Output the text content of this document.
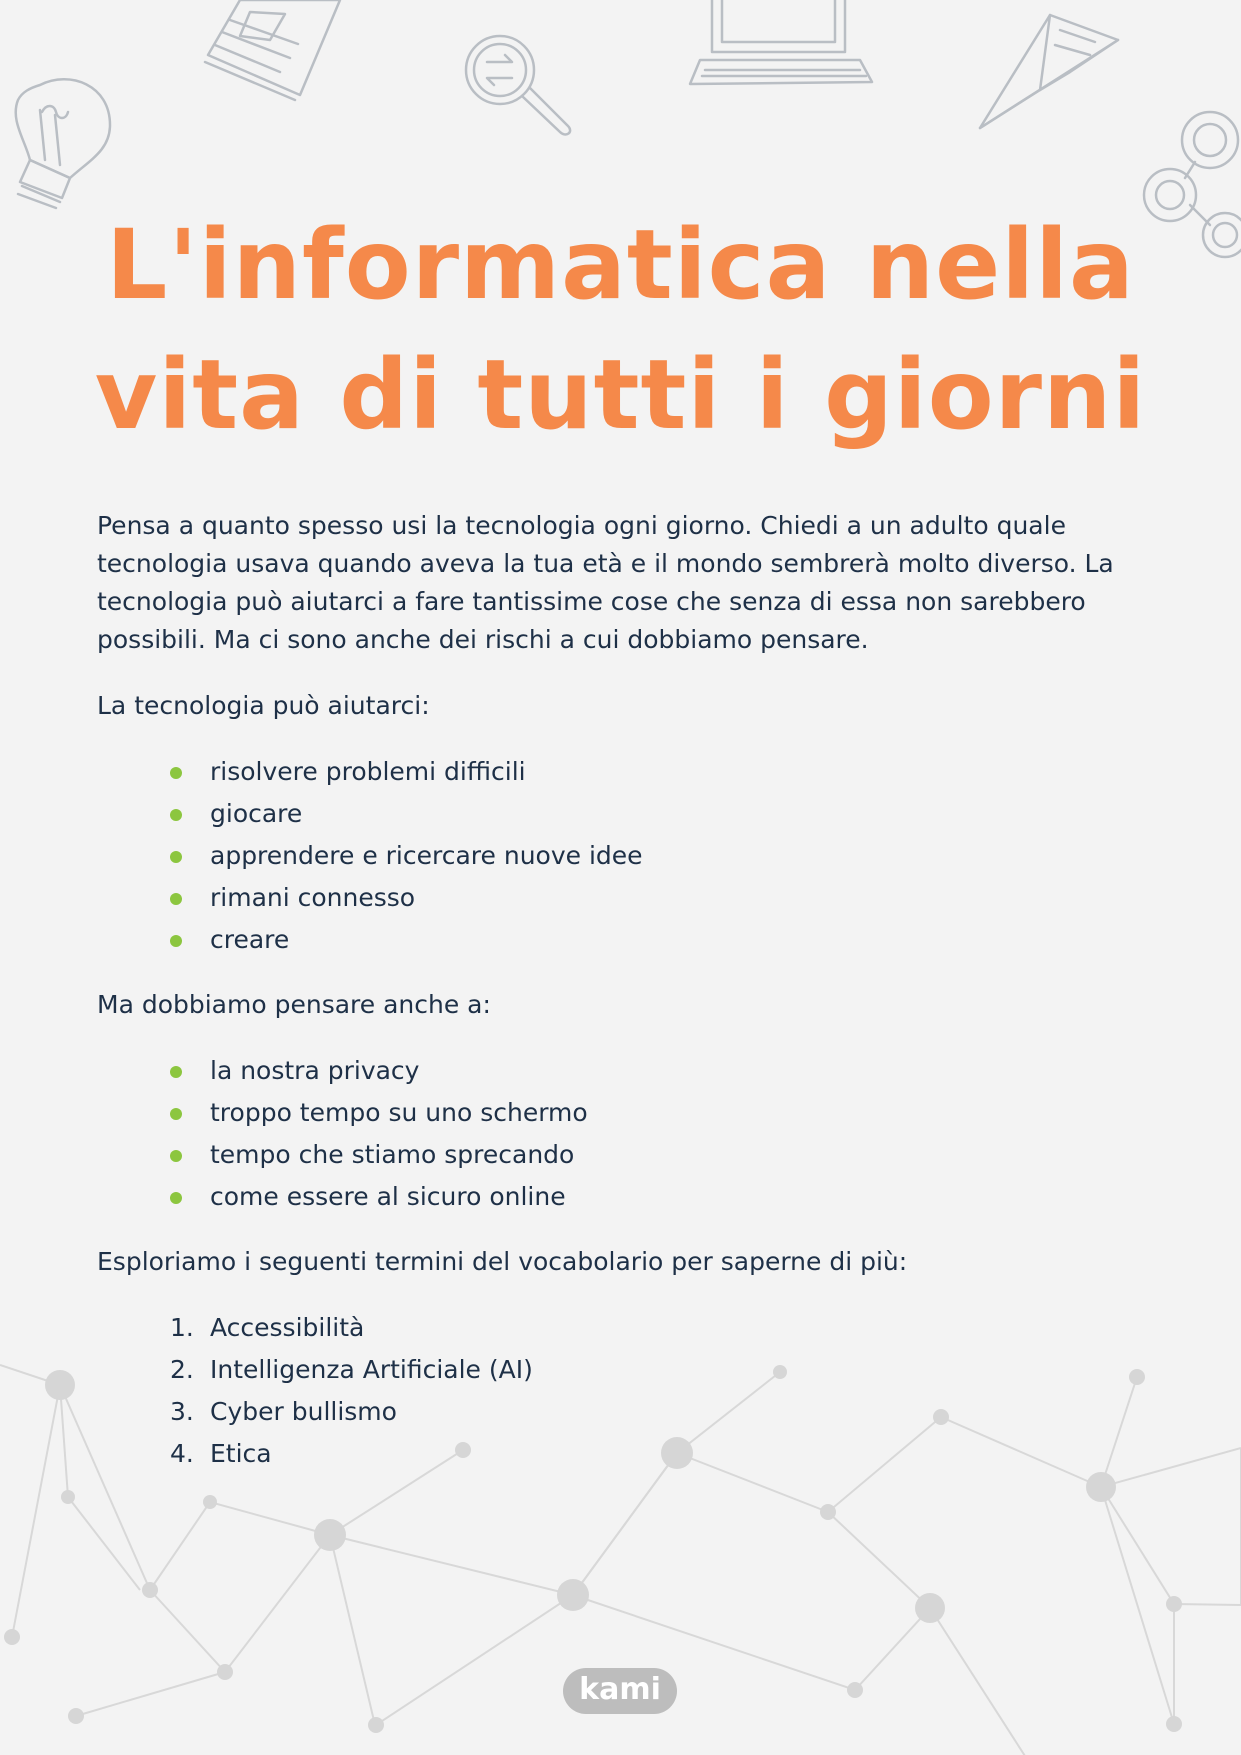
L'informatica nella
vita di tutti i giorni

Pensa a quanto spesso usi la tecnologia ogni giorno. Chiedi a un adulto quale tecnologia usava quando aveva la tua età e il mondo sembrerà molto diverso. La tecnologia può aiutarci a fare tantissime cose che senza di essa non sarebbero possibili. Ma ci sono anche dei rischi a cui dobbiamo pensare.

La tecnologia può aiutarci:

risolvere problemi difficili
giocare
apprendere e ricercare nuove idee
rimani connesso
creare

Ma dobbiamo pensare anche a:

la nostra privacy
troppo tempo su uno schermo
tempo che stiamo sprecando
come essere al sicuro online

Esploriamo i seguenti termini del vocabolario per saperne di più:

1. Accessibilità
2. Intelligenza Artificiale (AI)
3. Cyber bullismo
4. Etica
kami
